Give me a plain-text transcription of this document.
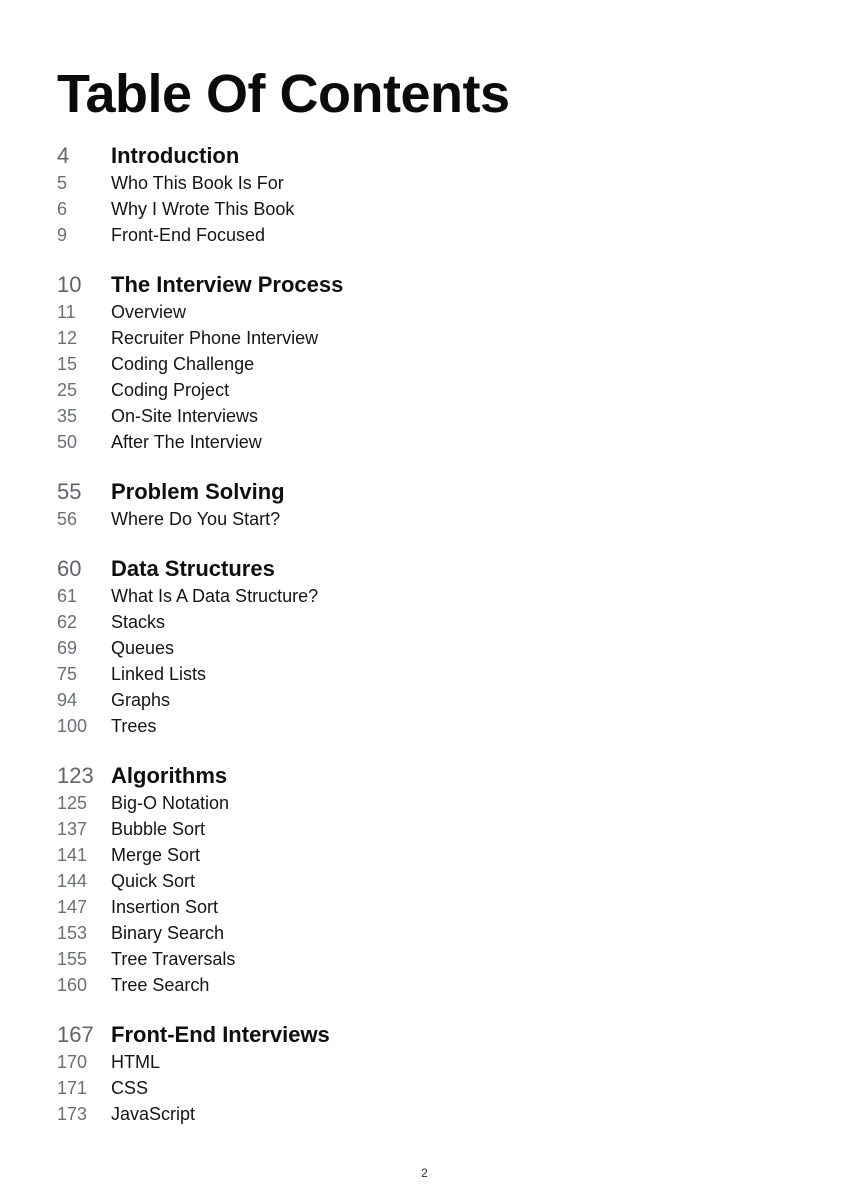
Table Of Contents
4	Introduction
5	Who This Book Is For
6	Why I Wrote This Book
9	Front-End Focused
10	The Interview Process
11	Overview
12	Recruiter Phone Interview
15	Coding Challenge
25	Coding Project
35	On-Site Interviews
50	After The Interview
55	Problem Solving
56	Where Do You Start?
60	Data Structures
61	What Is A Data Structure?
62	Stacks
69	Queues
75	Linked Lists
94	Graphs
100	Trees
123 Algorithms
125	Big-O Notation
137	Bubble Sort
141	Merge Sort
144	Quick Sort
147	Insertion Sort
153	Binary Search
155	Tree Traversals
160	Tree Search
167 Front-End Interviews
170	HTML
171	CSS
173	JavaScript
2
